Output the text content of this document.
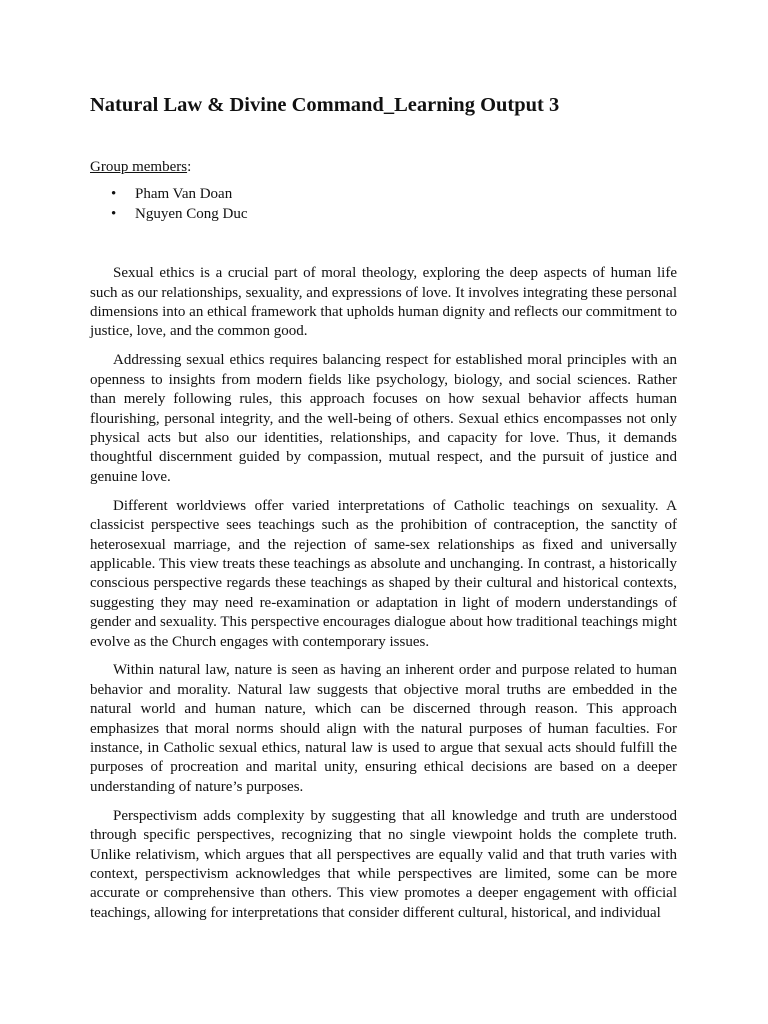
Natural Law & Divine Command_Learning Output 3
Group members:
• Pham Van Doan
• Nguyen Cong Duc

Sexual ethics is a crucial part of moral theology, exploring the deep aspects of human life such as our relationships, sexuality, and expressions of love. It involves integrating these personal dimensions into an ethical framework that upholds human dignity and reflects our commitment to justice, love, and the common good.

Addressing sexual ethics requires balancing respect for established moral principles with an openness to insights from modern fields like psychology, biology, and social sciences. Rather than merely following rules, this approach focuses on how sexual behavior affects human flourishing, personal integrity, and the well-being of others. Sexual ethics encompasses not only physical acts but also our identities, relationships, and capacity for love. Thus, it demands thoughtful discernment guided by compassion, mutual respect, and the pursuit of justice and genuine love.

Different worldviews offer varied interpretations of Catholic teachings on sexuality. A classicist perspective sees teachings such as the prohibition of contraception, the sanctity of heterosexual marriage, and the rejection of same-sex relationships as fixed and universally applicable. This view treats these teachings as absolute and unchanging. In contrast, a historically conscious perspective regards these teachings as shaped by their cultural and historical contexts, suggesting they may need re-examination or adaptation in light of modern understandings of gender and sexuality. This perspective encourages dialogue about how traditional teachings might evolve as the Church engages with contemporary issues.

Within natural law, nature is seen as having an inherent order and purpose related to human behavior and morality. Natural law suggests that objective moral truths are embedded in the natural world and human nature, which can be discerned through reason. This approach emphasizes that moral norms should align with the natural purposes of human faculties. For instance, in Catholic sexual ethics, natural law is used to argue that sexual acts should fulfill the purposes of procreation and marital unity, ensuring ethical decisions are based on a deeper understanding of nature’s purposes.

Perspectivism adds complexity by suggesting that all knowledge and truth are understood through specific perspectives, recognizing that no single viewpoint holds the complete truth. Unlike relativism, which argues that all perspectives are equally valid and that truth varies with context, perspectivism acknowledges that while perspectives are limited, some can be more accurate or comprehensive than others. This view promotes a deeper engagement with official teachings, allowing for interpretations that consider different cultural, historical, and individual
